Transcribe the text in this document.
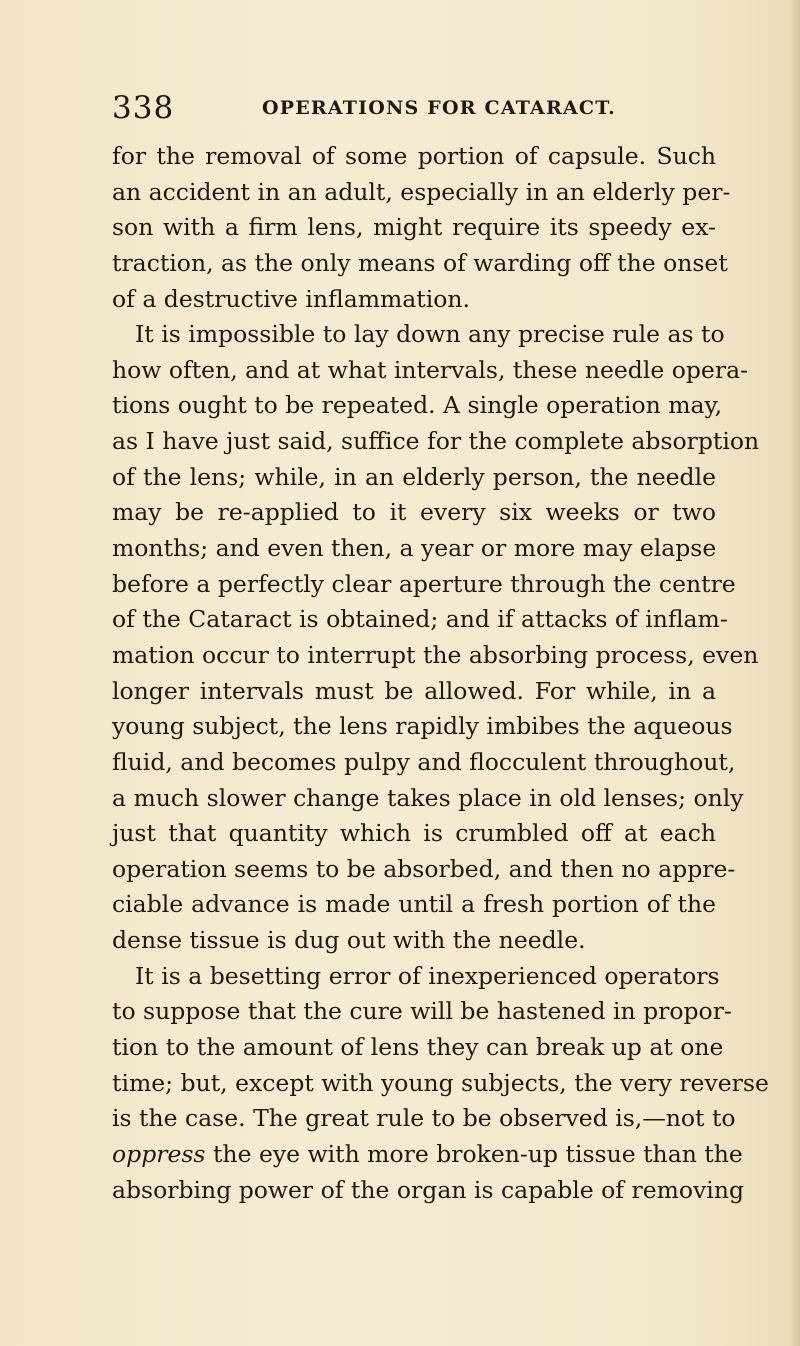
338	OPERATIONS FOR CATARACT.

for the removal of some portion of capsule. Such
an accident in an adult, especially in an elderly per-
son with a firm lens, might require its speedy ex-
traction, as the only means of warding off the onset
of a destructive inflammation.

It is impossible to lay down any precise rule as to
how often, and at what intervals, these needle opera-
tions ought to be repeated. A single operation may,
as I have just said, suffice for the complete absorption
of the lens; while, in an elderly person, the needle
may be re-applied to it every six weeks or two
months; and even then, a year or more may elapse
before a perfectly clear aperture through the centre
of the Cataract is obtained; and if attacks of inflam-
mation occur to interrupt the absorbing process, even
longer intervals must be allowed. For while, in a
young subject, the lens rapidly imbibes the aqueous
fluid, and becomes pulpy and flocculent throughout,
a much slower change takes place in old lenses; only
just that quantity which is crumbled off at each
operation seems to be absorbed, and then no appre-
ciable advance is made until a fresh portion of the
dense tissue is dug out with the needle.

It is a besetting error of inexperienced operators
to suppose that the cure will be hastened in propor-
tion to the amount of lens they can break up at one
time; but, except with young subjects, the very reverse
is the case. The great rule to be observed is,—not to
oppress the eye with more broken-up tissue than the
absorbing power of the organ is capable of removing
